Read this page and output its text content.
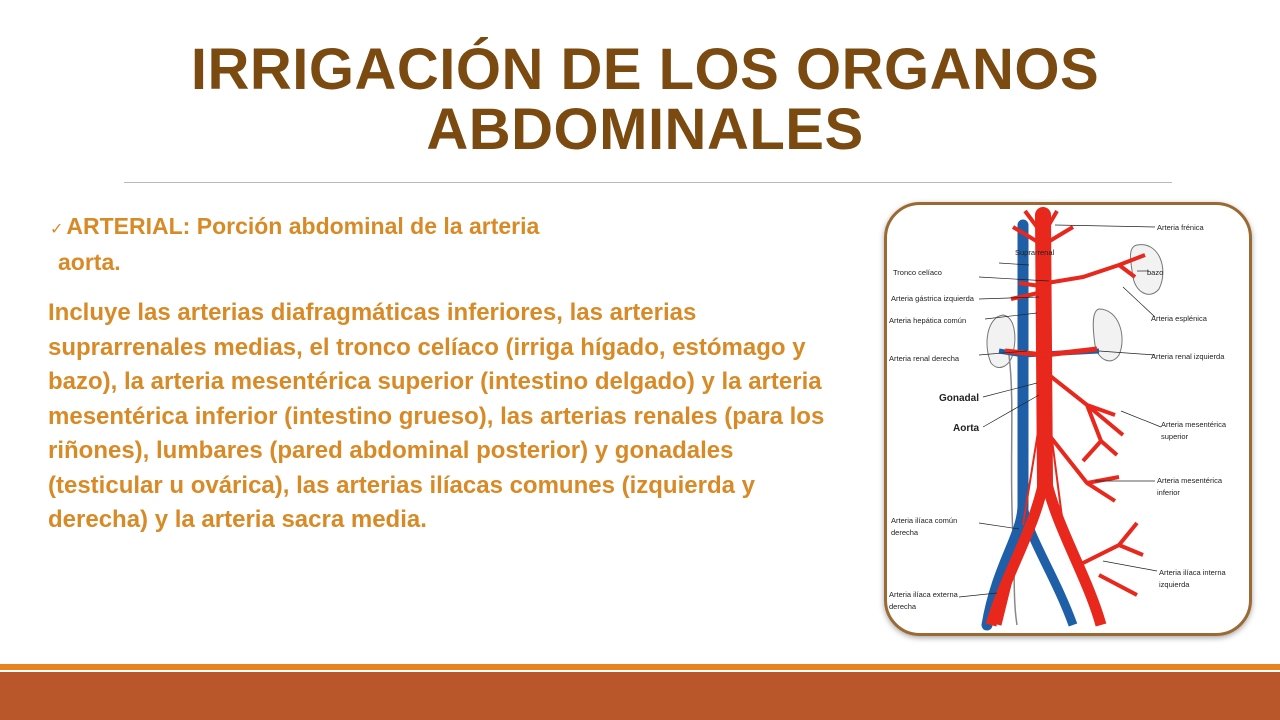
IRRIGACIÓN DE LOS ORGANOS ABDOMINALES
✓ ARTERIAL: Porción abdominal de la arteria
aorta.

Incluye las arterias diafragmáticas inferiores, las arterias suprarrenales medias, el tronco celíaco (irriga hígado, estómago y bazo), la arteria mesentérica superior (intestino delgado) y la arteria mesentérica inferior (intestino grueso), las arterias renales (para los riñones), lumbares (pared abdominal posterior) y gonadales (testicular u ovárica), las arterias ilíacas comunes (izquierda y derecha) y la arteria sacra media.

Arteria frénica
Suprarrenal
Tronco celíaco	bazo
Arteria gástrica izquierda
Arteria hepática común	Arteria esplénica
Arteria renal derecha	Arteria renal izquierda
Gonadal
Aorta	Arteria mesentérica
superior
Arteria mesentérica
inferior
Arteria ilíaca común
derecha
Arteria ilíaca interna
izquierda
Arteria ilíaca externa
derecha
